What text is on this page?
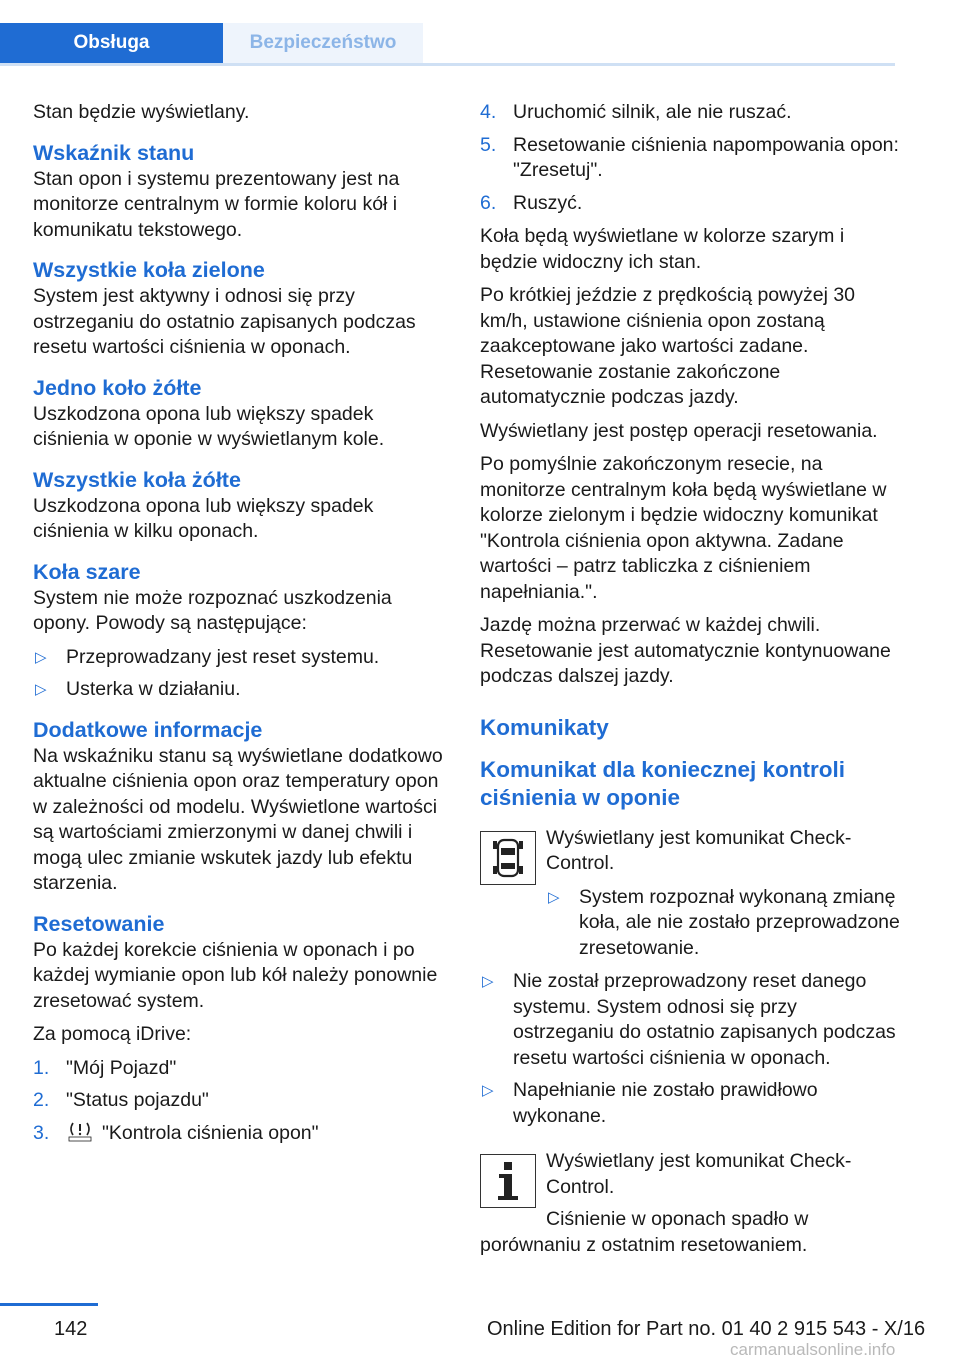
Obsługa	Bezpieczeństwo

Stan będzie wyświetlany.

Wskaźnik stanu

Stan opon i systemu prezentowany jest na monitorze centralnym w formie koloru kół i komunikatu tekstowego.

Wszystkie koła zielone

System jest aktywny i odnosi się przy ostrzeganiu do ostatnio zapisanych podczas resetu wartości ciśnienia w oponach.

Jedno koło żółte

Uszkodzona opona lub większy spadek ciśnienia w oponie w wyświetlanym kole.

Wszystkie koła żółte

Uszkodzona opona lub większy spadek ciśnienia w kilku oponach.

Koła szare

System nie może rozpoznać uszkodzenia opony. Powody są następujące:

▷ Przeprowadzany jest reset systemu.
▷ Usterka w działaniu.
Dodatkowe informacje

Na wskaźniku stanu są wyświetlane dodatkowo aktualne ciśnienia opon oraz temperatury opon w zależności od modelu. Wyświetlone wartości są wartościami zmierzonymi w danej chwili i mogą ulec zmianie wskutek jazdy lub efektu starzenia.

Resetowanie

Po każdej korekcie ciśnienia w oponach i po każdej wymianie opon lub kół należy ponownie zresetować system.

Za pomocą iDrive:

1. "Mój Pojazd"
2. "Status pojazdu"
3.	"Kontrola ciśnienia opon"
4. Uruchomić silnik, ale nie ruszać.
5. Resetowanie ciśnienia napompowania opon: "Zresetuj".
6. Ruszyć.

Koła będą wyświetlane w kolorze szarym i będzie widoczny ich stan.

Po krótkiej jeździe z prędkością powyżej 30 km/h, ustawione ciśnienia opon zostaną zaakceptowane jako wartości zadane. Resetowanie zostanie zakończone automatycznie podczas jazdy.

Wyświetlany jest postęp operacji resetowania.

Po pomyślnie zakończonym resecie, na monitorze centralnym koła będą wyświetlane w kolorze zielonym i będzie widoczny komunikat "Kontrola ciśnienia opon aktywna. Zadane wartości – patrz tabliczka z ciśnieniem napełniania.".

Jazdę można przerwać w każdej chwili. Resetowanie jest automatycznie kontynuowane podczas dalszej jazdy.

Komunikaty
Komunikat dla koniecznej kontroli ciśnienia w oponie

Wyświetlany jest komunikat Check-Control.

▷ System rozpoznał wykonaną zmianę koła, ale nie zostało przeprowadzone zresetowanie.
▷ Nie został przeprowadzony reset danego systemu. System odnosi się przy ostrzeganiu do ostatnio zapisanych podczas resetu wartości ciśnienia w oponach.
▷ Napełnianie nie zostało prawidłowo wykonane.

Wyświetlany jest komunikat Check-Control.

Ciśnienie w oponach spadło w porównaniu z ostatnim resetowaniem.

142	Online Edition for Part no. 01 40 2 915 543 - X/16
carmanualsonline.info
